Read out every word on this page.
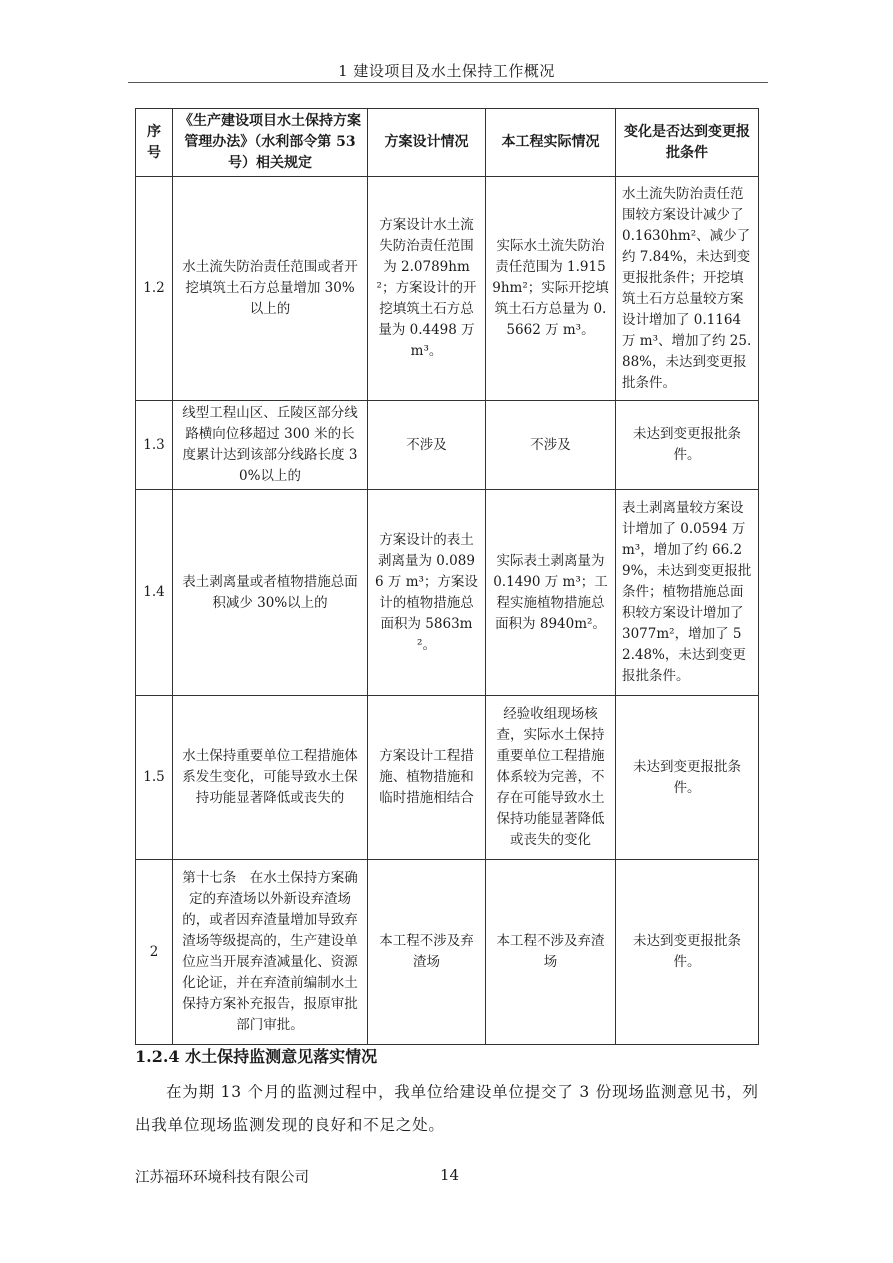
1 建设项目及水土保持工作概况
序号	《生产建设项目水土保持方案管理办法》（水利部令第 53 号）相关规定	方案设计情况	本工程实际情况	变化是否达到变更报批条件
1.2	水土流失防治责任范围或者开挖填筑土石方总量增加 30%以上的	方案设计水土流失防治责任范围为 2.0789hm²；方案设计的开挖填筑土石方总量为 0.4498 万 m³。	实际水土流失防治责任范围为 1.9159hm²；实际开挖填筑土石方总量为 0.5662 万 m³。	水土流失防治责任范围较方案设计减少了 0.1630hm²、减少了约 7.84%，未达到变更报批条件；开挖填筑土石方总量较方案设计增加了 0.1164 万 m³、增加了约 25.88%，未达到变更报批条件。
1.3	线型工程山区、丘陵区部分线路横向位移超过 300 米的长度累计达到该部分线路长度 30%以上的	不涉及	不涉及	未达到变更报批条件。
1.4	表土剥离量或者植物措施总面积减少 30%以上的	方案设计的表土剥离量为 0.0896 万 m³；方案设计的植物措施总面积为 5863m²。	实际表土剥离量为 0.1490 万 m³；工程实施植物措施总面积为 8940m²。	表土剥离量较方案设计增加了 0.0594 万 m³，增加了约 66.29%，未达到变更报批条件；植物措施总面积较方案设计增加了 3077m²，增加了 52.48%，未达到变更报批条件。
1.5	水土保持重要单位工程措施体系发生变化，可能导致水土保持功能显著降低或丧失的	方案设计工程措施、植物措施和临时措施相结合	经验收组现场核查，实际水土保持重要单位工程措施体系较为完善，不存在可能导致水土保持功能显著降低或丧失的变化	未达到变更报批条件。
2	第十七条　在水土保持方案确定的弃渣场以外新设弃渣场的，或者因弃渣量增加导致弃渣场等级提高的，生产建设单位应当开展弃渣减量化、资源化论证，并在弃渣前编制水土保持方案补充报告，报原审批部门审批。	本工程不涉及弃渣场	本工程不涉及弃渣场	未达到变更报批条件。
1.2.4 水土保持监测意见落实情况
在为期 13 个月的监测过程中，我单位给建设单位提交了 3 份现场监测意见书，列出我单位现场监测发现的良好和不足之处。
江苏福环环境科技有限公司	14
